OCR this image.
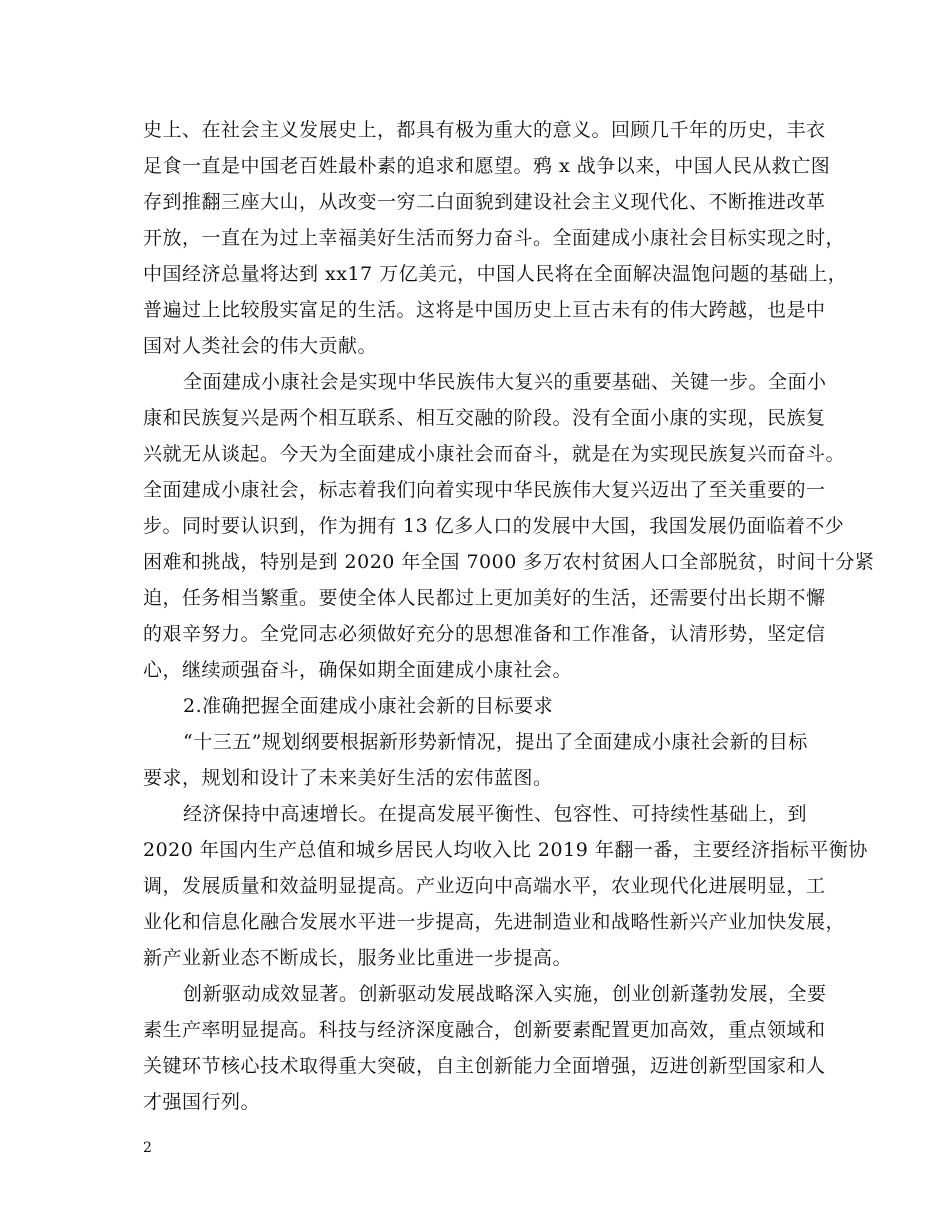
史上、在社会主义发展史上，都具有极为重大的意义。回顾几千年的历史，丰衣
足食一直是中国老百姓最朴素的追求和愿望。鸦 x 战争以来，中国人民从救亡图
存到推翻三座大山，从改变一穷二白面貌到建设社会主义现代化、不断推进改革
开放，一直在为过上幸福美好生活而努力奋斗。全面建成小康社会目标实现之时，
中国经济总量将达到 xx17 万亿美元，中国人民将在全面解决温饱问题的基础上，
普遍过上比较殷实富足的生活。这将是中国历史上亘古未有的伟大跨越，也是中
国对人类社会的伟大贡献。
全面建成小康社会是实现中华民族伟大复兴的重要基础、关键一步。全面小
康和民族复兴是两个相互联系、相互交融的阶段。没有全面小康的实现，民族复
兴就无从谈起。今天为全面建成小康社会而奋斗，就是在为实现民族复兴而奋斗。
全面建成小康社会，标志着我们向着实现中华民族伟大复兴迈出了至关重要的一
步。同时要认识到，作为拥有 13 亿多人口的发展中大国，我国发展仍面临着不少
困难和挑战，特别是到 2020 年全国 7000 多万农村贫困人口全部脱贫，时间十分紧
迫，任务相当繁重。要使全体人民都过上更加美好的生活，还需要付出长期不懈
的艰辛努力。全党同志必须做好充分的思想准备和工作准备，认清形势，坚定信
心，继续顽强奋斗，确保如期全面建成小康社会。
2.准确把握全面建成小康社会新的目标要求
“十三五”规划纲要根据新形势新情况，提出了全面建成小康社会新的目标
要求，规划和设计了未来美好生活的宏伟蓝图。
经济保持中高速增长。在提高发展平衡性、包容性、可持续性基础上，到
2020 年国内生产总值和城乡居民人均收入比 2019 年翻一番，主要经济指标平衡协
调，发展质量和效益明显提高。产业迈向中高端水平，农业现代化进展明显，工
业化和信息化融合发展水平进一步提高，先进制造业和战略性新兴产业加快发展，
新产业新业态不断成长，服务业比重进一步提高。
创新驱动成效显著。创新驱动发展战略深入实施，创业创新蓬勃发展，全要
素生产率明显提高。科技与经济深度融合，创新要素配置更加高效，重点领域和
关键环节核心技术取得重大突破，自主创新能力全面增强，迈进创新型国家和人
才强国行列。
2
